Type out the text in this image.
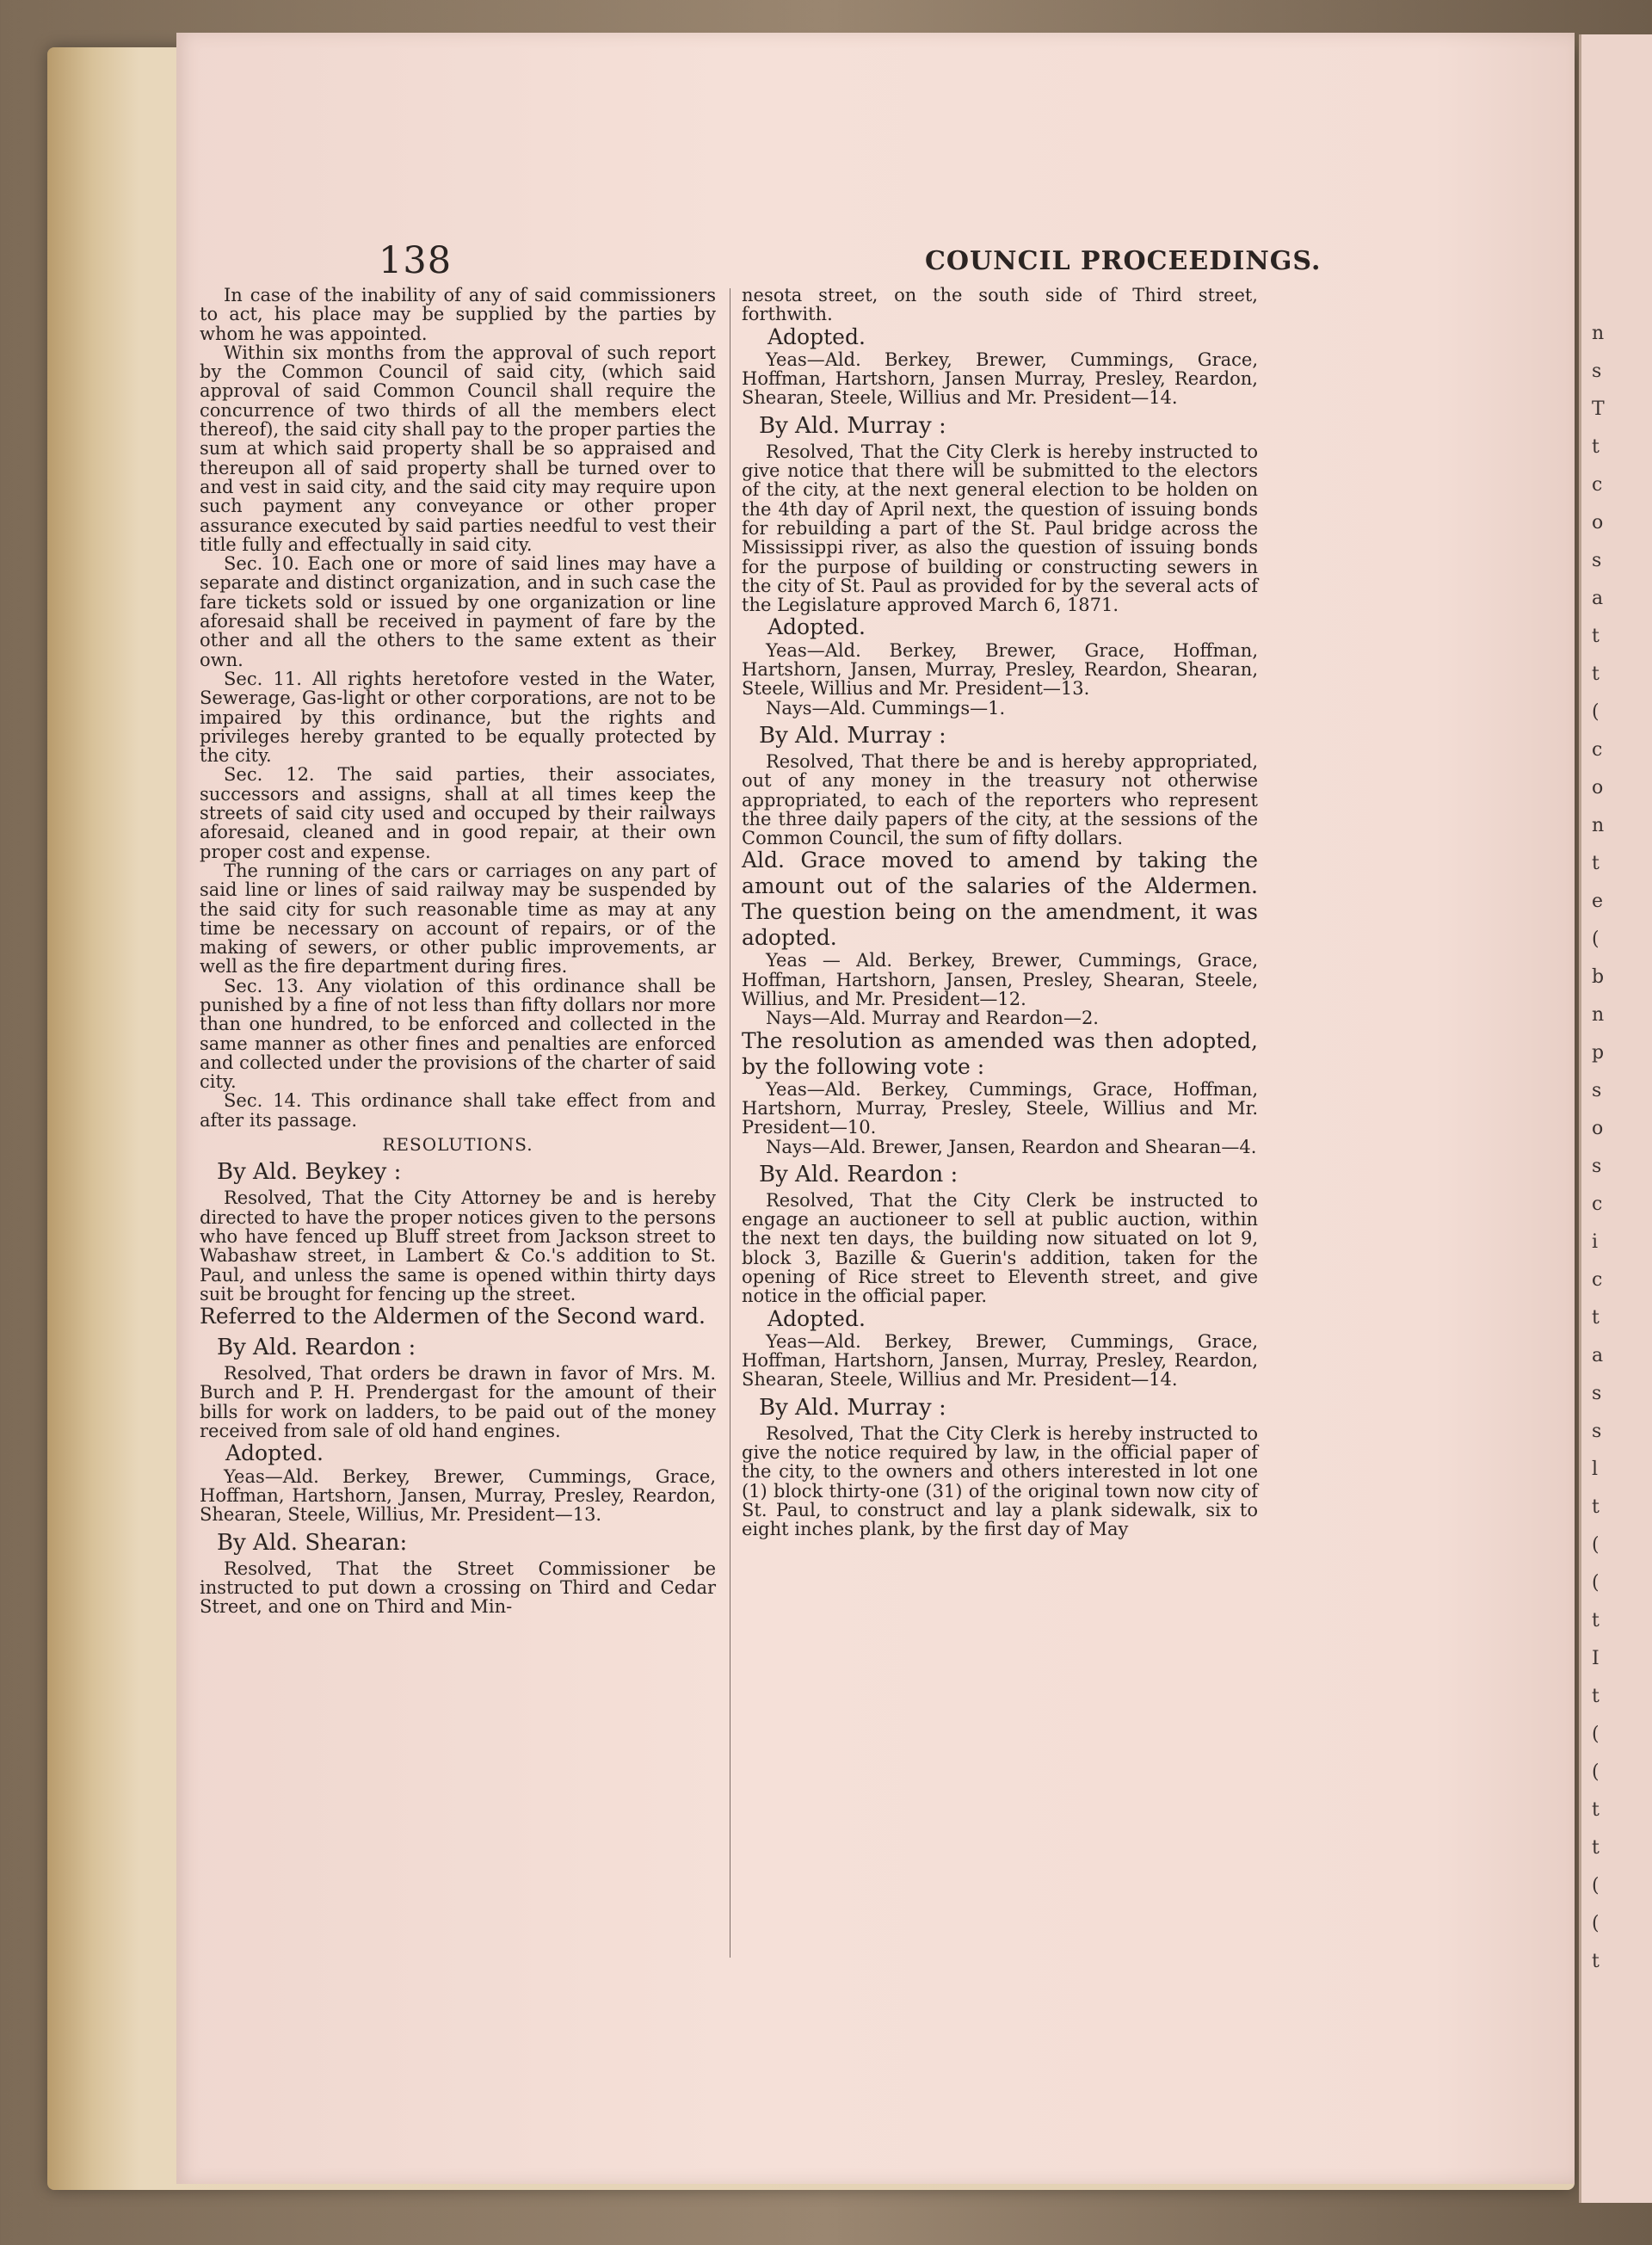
138	COUNCIL PROCEEDINGS.

In case of the inability of any of said commissioners to act, his place may be supplied by the parties by whom he was appointed.

Within six months from the approval of such report by the Common Council of said city, (which said approval of said Common Council shall require the concurrence of two thirds of all the members elect thereof), the said city shall pay to the proper parties the sum at which said property shall be so appraised and thereupon all of said property shall be turned over to and vest in said city, and the said city may require upon such payment any conveyance or other proper assurance executed by said parties needful to vest their title fully and effectually in said city.

Sec. 10. Each one or more of said lines may have a separate and distinct organization, and in such case the fare tickets sold or issued by one organization or line aforesaid shall be received in payment of fare by the other and all the others to the same extent as their own.

Sec. 11. All rights heretofore vested in the Water, Sewerage, Gas-light or other corporations, are not to be impaired by this ordinance, but the rights and privileges hereby granted to be equally protected by the city.

Sec. 12. The said parties, their associates, successors and assigns, shall at all times keep the streets of said city used and occuped by their railways aforesaid, cleaned and in good repair, at their own proper cost and expense.

The running of the cars or carriages on any part of said line or lines of said railway may be suspended by the said city for such reasonable time as may at any time be necessary on account of repairs, or of the making of sewers, or other public improvements, ar well as the fire department during fires.

Sec. 13. Any violation of this ordinance shall be punished by a fine of not less than fifty dollars nor more than one hundred, to be enforced and collected in the same manner as other fines and penalties are enforced and collected under the provisions of the charter of said city.

Sec. 14. This ordinance shall take effect from and after its passage.

RESOLUTIONS.

By Ald. Beykey :

Resolved, That the City Attorney be and is hereby directed to have the proper notices given to the persons who have fenced up Bluff street from Jackson street to Wabashaw street, in Lambert & Co.'s addition to St. Paul, and unless the same is opened within thirty days suit be brought for fencing up the street.

Referred to the Aldermen of the Second ward.

By Ald. Reardon :

Resolved, That orders be drawn in favor of Mrs. M. Burch and P. H. Prendergast for the amount of their bills for work on ladders, to be paid out of the money received from sale of old hand engines.

Adopted.

Yeas—Ald. Berkey, Brewer, Cummings, Grace, Hoffman, Hartshorn, Jansen, Murray, Presley, Reardon, Shearan, Steele, Willius, Mr. President—13.

By Ald. Shearan:

Resolved, That the Street Commissioner be instructed to put down a crossing on Third and Cedar Street, and one on Third and Min-

nesota street, on the south side of Third street, forthwith.

Adopted.

Yeas—Ald. Berkey, Brewer, Cummings, Grace, Hoffman, Hartshorn, Jansen Murray, Presley, Reardon, Shearan, Steele, Willius and Mr. President—14.

By Ald. Murray :

Resolved, That the City Clerk is hereby instructed to give notice that there will be submitted to the electors of the city, at the next general election to be holden on the 4th day of April next, the question of issuing bonds for rebuilding a part of the St. Paul bridge across the Mississippi river, as also the question of issuing bonds for the purpose of building or constructing sewers in the city of St. Paul as provided for by the several acts of the Legislature approved March 6, 1871.

Adopted.

Yeas—Ald. Berkey, Brewer, Grace, Hoffman, Hartshorn, Jansen, Murray, Presley, Reardon, Shearan, Steele, Willius and Mr. President—13.

Nays—Ald. Cummings—1.

By Ald. Murray :

Resolved, That there be and is hereby appropriated, out of any money in the treasury not otherwise appropriated, to each of the reporters who represent the three daily papers of the city, at the sessions of the Common Council, the sum of fifty dollars.

Ald. Grace moved to amend by taking the amount out of the salaries of the Aldermen. The question being on the amendment, it was adopted.

Yeas — Ald. Berkey, Brewer, Cummings, Grace, Hoffman, Hartshorn, Jansen, Presley, Shearan, Steele, Willius, and Mr. President—12.

Nays—Ald. Murray and Reardon—2.

The resolution as amended was then adopted, by the following vote :

Yeas—Ald. Berkey, Cummings, Grace, Hoffman, Hartshorn, Murray, Presley, Steele, Willius and Mr. President—10.

Nays—Ald. Brewer, Jansen, Reardon and Shearan—4.

By Ald. Reardon :

Resolved, That the City Clerk be instructed to engage an auctioneer to sell at public auction, within the next ten days, the building now situated on lot 9, block 3, Bazille & Guerin's addition, taken for the opening of Rice street to Eleventh street, and give notice in the official paper.

Adopted.

Yeas—Ald. Berkey, Brewer, Cummings, Grace, Hoffman, Hartshorn, Jansen, Murray, Presley, Reardon, Shearan, Steele, Willius and Mr. President—14.

By Ald. Murray :

Resolved, That the City Clerk is hereby instructed to give the notice required by law, in the official paper of the city, to the owners and others interested in lot one (1) block thirty-one (31) of the original town now city of St. Paul, to construct and lay a plank sidewalk, six to eight inches plank, by the first day of May

n
s
T
t
c
o
s
a
t
t
(
c
o
n
t
e
(
b
n
p
s
o
s
c
i
c
t
a
s
s
l
t
(
(
t
I
t
(
(
t
t
(
(
t
